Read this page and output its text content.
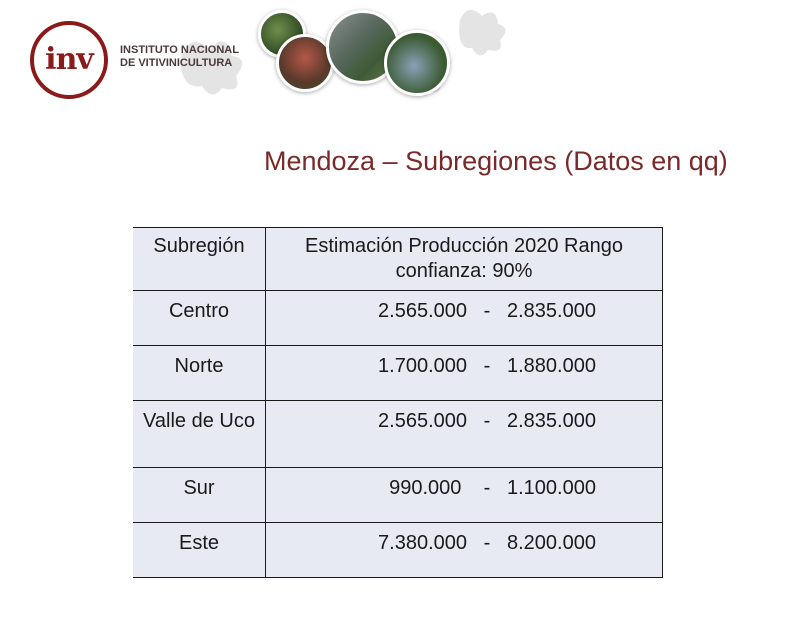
inv INSTITUTO NACIONAL
DE VITIVINICULTURA
Mendoza – Subregiones (Datos en qq)
Subregión	Estimación Producción 2020 Rango confianza: 90%
Centro	2.565.000   -   2.835.000
Norte	1.700.000   -   1.880.000
Valle de Uco	2.565.000   -   2.835.000
Sur	990.000    -   1.100.000
Este	7.380.000   -   8.200.000
